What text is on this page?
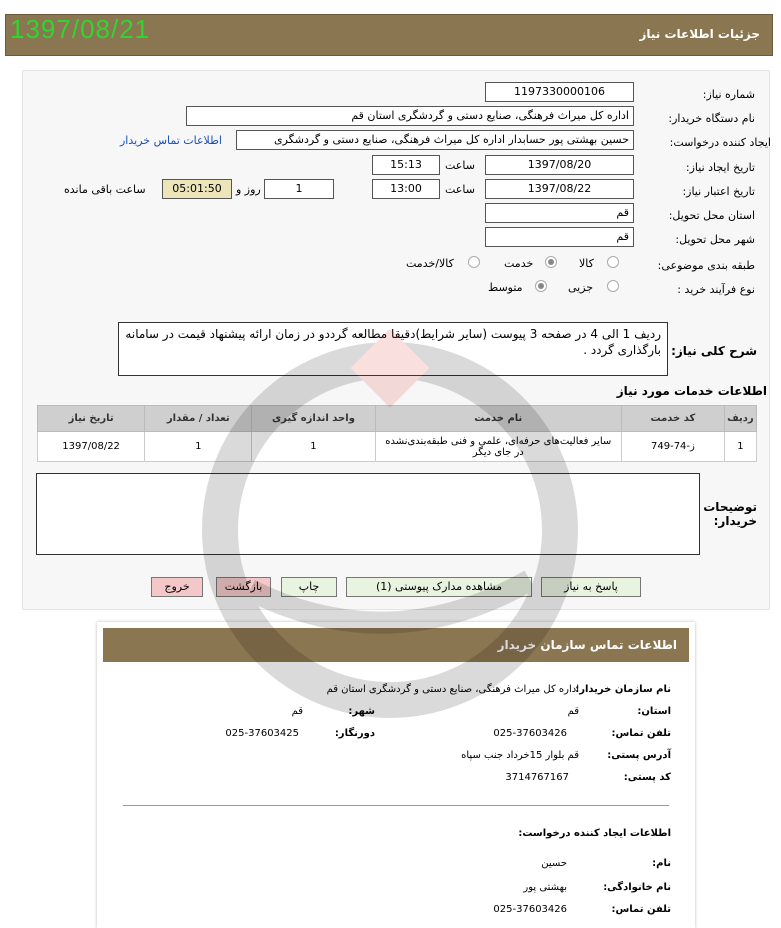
1397/08/21	جزئیات اطلاعات نیاز
شماره نیاز:
1197330000106
نام دستگاه خریدار:
اداره کل میراث فرهنگی، صنایع دستی و گردشگری استان قم
ایجاد کننده درخواست:
حسین بهشتی پور حسابدار اداره کل میراث فرهنگی، صنایع دستی و گردشگری
اطلاعات تماس خریدار
تاریخ ایجاد نیاز:
1397/08/20
ساعت
15:13
تاریخ اعتبار نیاز:
1397/08/22
ساعت
13:00
1
روز و
05:01:50
ساعت باقی مانده
استان محل تحویل:
قم
شهر محل تحویل:
قم
طبقه بندی موضوعی:
کالا
خدمت
کالا/خدمت
نوع فرآیند خرید :
جزیی
متوسط
شرح کلی نیاز:
ردیف 1 الی 4 در صفحه 3 پیوست (سایر شرایط)دقیقا مطالعه گرددو در زمان ارائه پیشنهاد قیمت در سامانه بارگذاری گردد .
اطلاعات خدمات مورد نیاز
ردیف	کد خدمت	نام خدمت	واحد اندازه گیری	تعداد / مقدار	تاریخ نیاز
1	ز-74-749	سایر فعالیت‌های حرفه‌ای، علمی و فنی طبقه‌بندی‌نشده در جای دیگر	1	1	1397/08/22
توضیحات خریدار:
پاسخ به نیاز
مشاهده مدارک پیوستی (1)
چاپ
بازگشت
خروج
اطلاعات تماس سازمان خریدار
نام سازمان خریدار:
اداره کل میراث فرهنگی، صنایع دستی و گردشگری استان قم
استان:
قم
شهر:
قم
تلفن تماس:
025-37603426
دورنگار:
025-37603425
آدرس پستی:
قم بلوار 15خرداد جنب سپاه
کد پستی:
3714767167
اطلاعات ایجاد کننده درخواست:
نام:
حسین
نام خانوادگی:
بهشتی پور
تلفن تماس:
025-37603426
